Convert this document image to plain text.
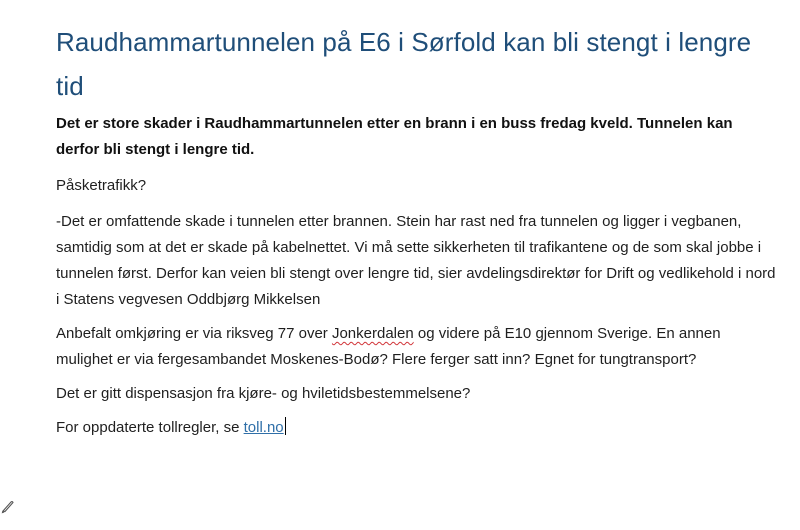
Raudhammartunnelen på E6 i Sørfold kan bli stengt i lengre tid

Det er store skader i Raudhammartunnelen etter en brann i en buss fredag kveld. Tunnelen kan derfor bli stengt i lengre tid.

Påsketrafikk?

-Det er omfattende skade i tunnelen etter brannen. Stein har rast ned fra tunnelen og ligger i vegbanen, samtidig som at det er skade på kabelnettet. Vi må sette sikkerheten til trafikantene og de som skal jobbe i tunnelen først. Derfor kan veien bli stengt over lengre tid, sier avdelingsdirektør for Drift og vedlikehold i nord i Statens vegvesen Oddbjørg Mikkelsen

Anbefalt omkjøring er via riksveg 77 over Jonkerdalen og videre på E10 gjennom Sverige. En annen mulighet er via fergesambandet Moskenes-Bodø? Flere ferger satt inn? Egnet for tungtransport?

Det er gitt dispensasjon fra kjøre- og hviletidsbestemmelsene?

For oppdaterte tollregler, se toll.no
